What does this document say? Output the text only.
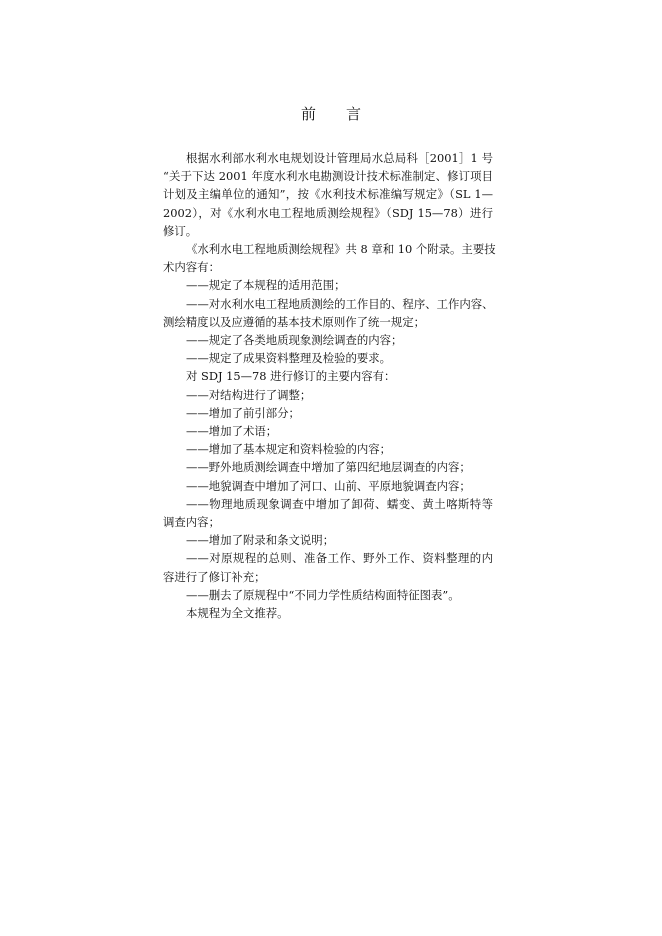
前 言

根据水利部水利水电规划设计管理局水总局科［2001］1 号
“关于下达 2001 年度水利水电勘测设计技术标准制定、修订项目
计划及主编单位的通知”，按《水利技术标准编写规定》（SL 1—
2002），对《水利水电工程地质测绘规程》（SDJ 15—78）进行
修订。

《水利水电工程地质测绘规程》共 8 章和 10 个附录。主要技
术内容有：

——规定了本规程的适用范围；

——对水利水电工程地质测绘的工作目的、程序、工作内容、
测绘精度以及应遵循的基本技术原则作了统一规定；

——规定了各类地质现象测绘调查的内容；

——规定了成果资料整理及检验的要求。

对 SDJ 15—78 进行修订的主要内容有：

——对结构进行了调整；

——增加了前引部分；

——增加了术语；

——增加了基本规定和资料检验的内容；

——野外地质测绘调查中增加了第四纪地层调查的内容；

——地貌调查中增加了河口、山前、平原地貌调查内容；

——物理地质现象调查中增加了卸荷、蠕变、黄土喀斯特等
调查内容；

——增加了附录和条文说明；

——对原规程的总则、准备工作、野外工作、资料整理的内
容进行了修订补充；

——删去了原规程中“不同力学性质结构面特征图表”。

本规程为全文推荐。
